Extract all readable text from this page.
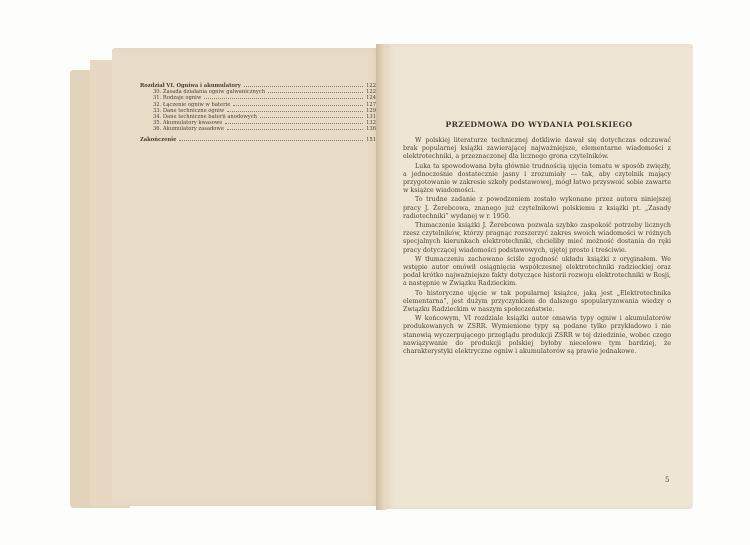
Rozdział VI. Ogniwa i akumulatory	122
30. Zasada działania ogniw galwanicznych	122
31. Rodzaje ogniw	124
32. Łączenie ogniw w baterie	127
33. Dane techniczne ogniw	129
34. Dane techniczne baterii anodowych	131
35. Akumulatory kwasowe	132
36. Akumulatory zasadowe	136
Zakończenie	151
PRZEDMOWA DO WYDANIA POLSKIEGO

W polskiej literaturze technicznej dotkliwie dawał się dotychczas odczuwać brak popularnej książki zawierającej najważniejsze, elementarne wiadomości z elektrotechniki, a przeznaczonej dla licznego grona czytelników.

Luka ta spowodowana była głównie trudnością ujęcia tematu w sposób zwięzły, a jednocześnie dostatecznie jasny i zrozumiały — tak, aby czytelnik mający przygotowanie w zakresie szkoły podstawowej, mógł łatwo przyswoić sobie zawarte w książce wiadomości.

To trudne zadanie z powodzeniem zostało wykonane przez autora niniejszej pracy J. Żerebcowa, znanego już czytelnikowi polskiemu z książki pt. „Zasady radiotechniki” wydanej w r. 1950.

Tłumaczenie książki J. Żerebcowa pozwala szybko zaspokoić potrzeby licznych rzesz czytelników, którzy pragnąc rozszerzyć zakres swoich wiadomości w różnych specjalnych kierunkach elektrotechniki, chcieliby mieć możność dostania do ręki pracy dotyczącej wiadomości podstawowych, ujętej prosto i treściwie.

W tłumaczeniu zachowano ściśle zgodność układu książki z oryginałem. We wstępie autor omówił osiągnięcia współczesnej elektrotechniki radzieckiej oraz podał krótko najważniejsze fakty dotyczące historii rozwoju elektrotechniki w Rosji, a następnie w Związku Radzieckim.

To historyczne ujęcie w tak popularnej książce, jaką jest „Elektrotechnika elementarna”, jest dużym przyczynkiem do dalszego spopularyzowania wiedzy o Związku Radzieckim w naszym społeczeństwie.

W końcowym, VI rozdziale książki autor omawia typy ogniw i akumulatorów produkowanych w ZSRR. Wymienione typy są podane tylko przykładowo i nie stanowią wyczerpującego przeglądu produkcji ZSRR w tej dziedzinie, wobec czego nawiązywanie do produkcji polskiej byłoby niecelowe tym bardziej, że charakterystyki elektryczne ogniw i akumulatorów są prawie jednakowe.

5
